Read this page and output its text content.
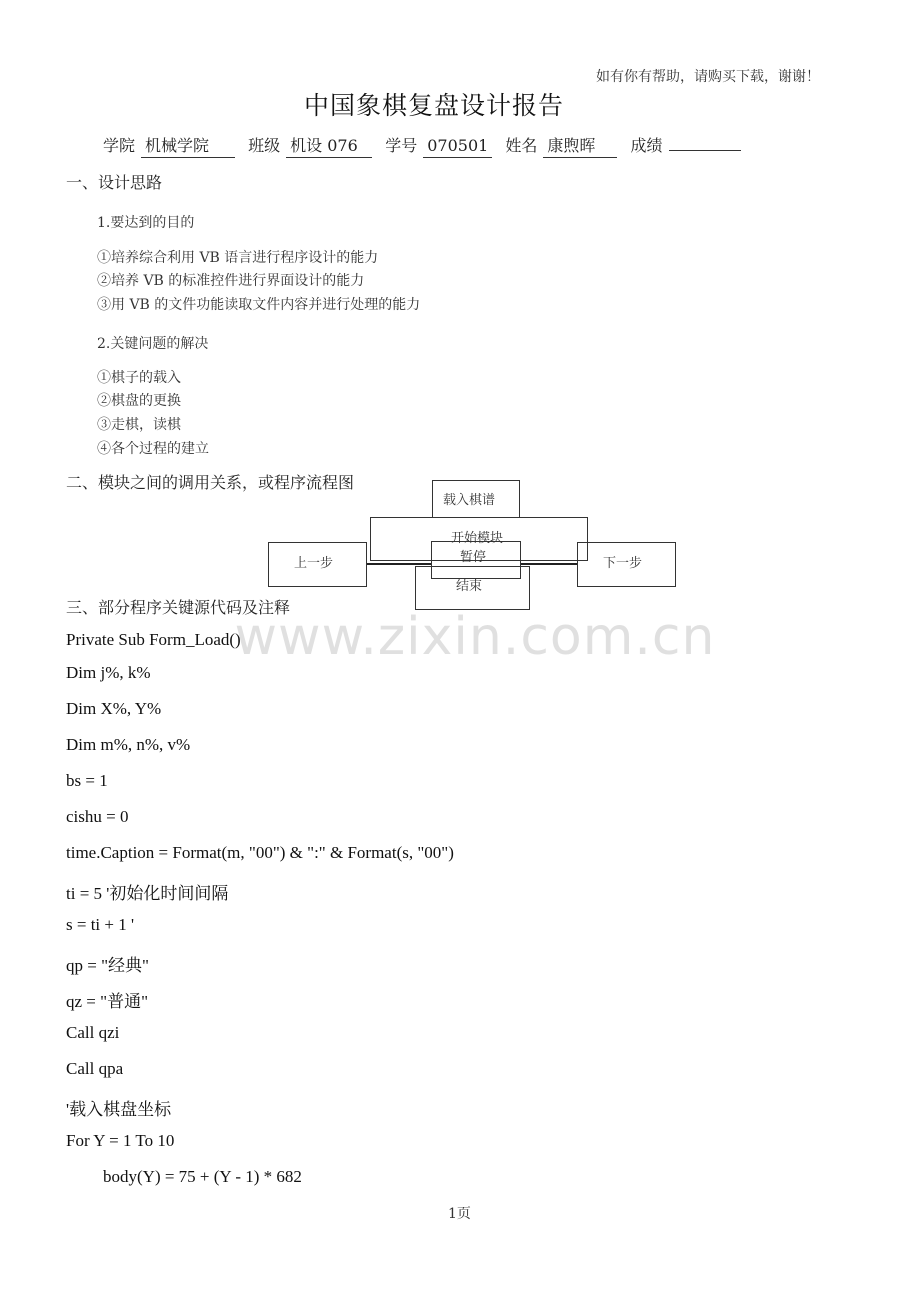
如有你有帮助，请购买下载，谢谢！
中国象棋复盘设计报告
学院 机械学院 班级 机设 076 学号 070501 姓名 康煦晖 成绩
一、设计思路
1.要达到的目的
①培养综合利用 VB 语言进行程序设计的能力
②培养 VB 的标准控件进行界面设计的能力
③用 VB 的文件功能读取文件内容并进行处理的能力
2.关键问题的解决
①棋子的载入
②棋盘的更换
③走棋，读棋
④各个过程的建立
二、模块之间的调用关系，或程序流程图
载入棋谱
开始模块
暂停
结束
上一步	下一步
三、部分程序关键源代码及注释
www.zixin.com.cn
Private Sub Form_Load()
Dim j%, k%
Dim X%, Y%
Dim m%, n%, v%
bs = 1
cishu = 0
time.Caption = Format(m, "00") & ":" & Format(s, "00")
ti = 5 '初始化时间间隔
s = ti + 1 '
qp = "经典"
qz = "普通"
Call qzi
Call qpa
'载入棋盘坐标
For Y = 1 To 10
body(Y) = 75 + (Y - 1) * 682
1页
